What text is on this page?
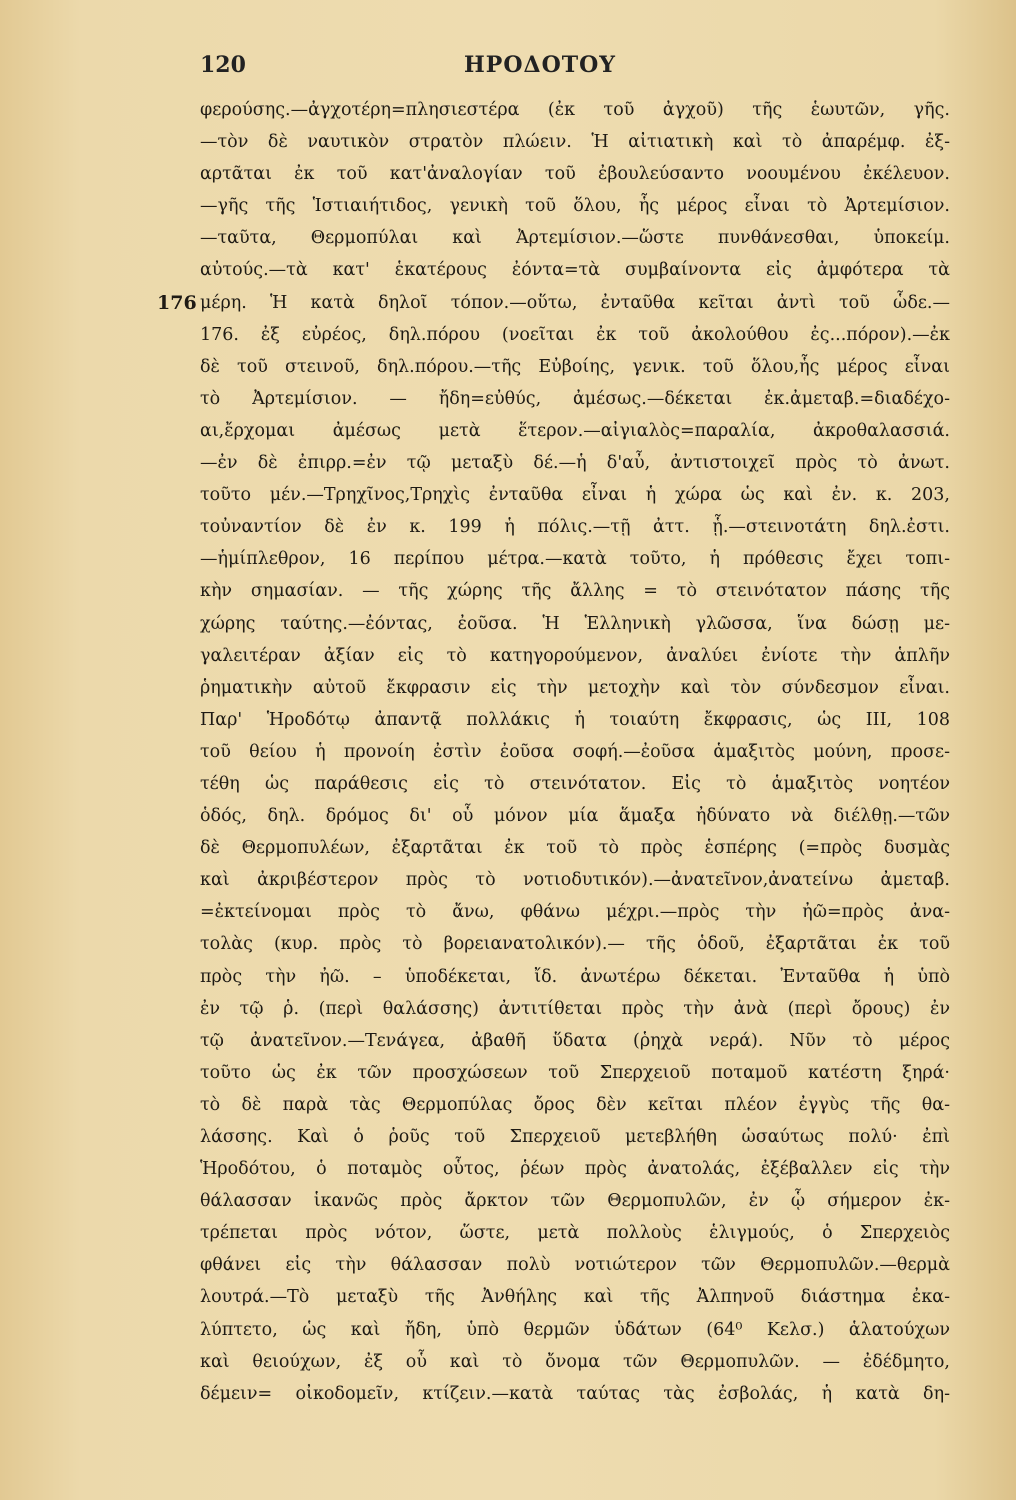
120	ΗΡΟΔΟΤΟΥ
φερούσης.—ἀγχοτέρη=πλησιεστέρα (ἐκ τοῦ ἀγχοῦ) τῆς ἑωυτῶν, γῆς.
—τὸν δὲ ναυτικὸν στρατὸν πλώειν. Ἡ αἰτιατικὴ καὶ τὸ ἀπαρέμφ. ἐξ-
αρτᾶται ἐκ τοῦ κατ'ἀναλογίαν τοῦ ἐβουλεύσαντο νοουμένου ἐκέλευον.
—γῆς τῆς Ἱστιαιήτιδος, γενικὴ τοῦ ὅλου, ἧς μέρος εἶναι τὸ Ἀρτεμίσιον.
—ταῦτα, Θερμοπύλαι καὶ Ἀρτεμίσιον.—ὥστε πυνθάνεσθαι, ὑποκείμ.
αὐτούς.—τὰ κατ' ἑκατέρους ἐόντα=τὰ συμβαίνοντα εἰς ἀμφότερα τὰ
176 μέρη. Ἡ κατὰ δηλοῖ τόπον.—οὕτω, ἐνταῦθα κεῖται ἀντὶ τοῦ ὧδε.—
176. ἐξ εὐρέος, δηλ.πόρου (νοεῖται ἐκ τοῦ ἀκολούθου ἐς...πόρον).—ἐκ
δὲ τοῦ στεινοῦ, δηλ.πόρου.—τῆς Εὐβοίης, γενικ. τοῦ ὅλου,ἧς μέρος εἶναι
τὸ Ἀρτεμίσιον. — ἤδη=εὐθύς, ἀμέσως.—δέκεται ἐκ.ἀμεταβ.=διαδέχο-
αι,ἔρχομαι ἀμέσως μετὰ ἕτερον.—αἰγιαλὸς=παραλία, ἀκροθαλασσιά.
—ἐν δὲ ἐπιρρ.=ἐν τῷ μεταξὺ δέ.—ἡ δ'αὖ, ἀντιστοιχεῖ πρὸς τὸ ἀνωτ.
τοῦτο μέν.—Τρηχῖνος,Τρηχὶς ἐνταῦθα εἶναι ἡ χώρα ὡς καὶ ἐν. κ. 203,
τοὐναντίον δὲ ἐν κ. 199 ἡ πόλις.—τῇ ἀττ. ᾗ.—στεινοτάτη δηλ.ἐστι.
—ἡμίπλεθρον, 16 περίπου μέτρα.—κατὰ τοῦτο, ἡ πρόθεσις ἔχει τοπι-
κὴν σημασίαν. — τῆς χώρης τῆς ἄλλης = τὸ στεινότατον πάσης τῆς
χώρης ταύτης.—ἐόντας, ἐοῦσα. Ἡ Ἑλληνικὴ γλῶσσα, ἵνα δώσῃ με-
γαλειτέραν ἀξίαν εἰς τὸ κατηγορούμενον, ἀναλύει ἐνίοτε τὴν ἁπλῆν
ῥηματικὴν αὐτοῦ ἔκφρασιν εἰς τὴν μετοχὴν καὶ τὸν σύνδεσμον εἶναι.
Παρ' Ἡροδότῳ ἀπαντᾷ πολλάκις ἡ τοιαύτη ἔκφρασις, ὡς ΙΙΙ, 108
τοῦ θείου ἡ προνοίη ἐστὶν ἐοῦσα σοφή.—ἐοῦσα ἁμαξιτὸς μούνη, προσε-
τέθη ὡς παράθεσις εἰς τὸ στεινότατον. Εἰς τὸ ἁμαξιτὸς νοητέον
ὁδός, δηλ. δρόμος δι' οὗ μόνον μία ἅμαξα ἠδύνατο νὰ διέλθῃ.—τῶν
δὲ Θερμοπυλέων, ἐξαρτᾶται ἐκ τοῦ τὸ πρὸς ἑσπέρης (=πρὸς δυσμὰς
καὶ ἀκριβέστερον πρὸς τὸ νοτιοδυτικόν).—ἀνατεῖνον,ἀνατείνω ἀμεταβ.
=ἐκτείνομαι πρὸς τὸ ἄνω, φθάνω μέχρι.—πρὸς τὴν ἠῶ=πρὸς ἀνα-
τολὰς (κυρ. πρὸς τὸ βορειανατολικόν).— τῆς ὁδοῦ, ἐξαρτᾶται ἐκ τοῦ
πρὸς τὴν ἠῶ. – ὑποδέκεται, ἴδ. ἀνωτέρω δέκεται. Ἐνταῦθα ἡ ὑπὸ
ἐν τῷ ῥ. (περὶ θαλάσσης) ἀντιτίθεται πρὸς τὴν ἀνὰ (περὶ ὄρους) ἐν
τῷ ἀνατεῖνον.—Τενάγεα, ἀβαθῆ ὕδατα (ῥηχὰ νερά). Νῦν τὸ μέρος
τοῦτο ὡς ἐκ τῶν προσχώσεων τοῦ Σπερχειοῦ ποταμοῦ κατέστη ξηρά·
τὸ δὲ παρὰ τὰς Θερμοπύλας ὄρος δὲν κεῖται πλέον ἐγγὺς τῆς θα-
λάσσης. Καὶ ὁ ῥοῦς τοῦ Σπερχειοῦ μετεβλήθη ὡσαύτως πολύ· ἐπὶ
Ἡροδότου, ὁ ποταμὸς οὗτος, ῥέων πρὸς ἀνατολάς, ἐξέβαλλεν εἰς τὴν
θάλασσαν ἱκανῶς πρὸς ἄρκτον τῶν Θερμοπυλῶν, ἐν ᾧ σήμερον ἐκ-
τρέπεται πρὸς νότον, ὥστε, μετὰ πολλοὺς ἑλιγμούς, ὁ Σπερχειὸς
φθάνει εἰς τὴν θάλασσαν πολὺ νοτιώτερον τῶν Θερμοπυλῶν.—θερμὰ
λουτρά.—Τὸ μεταξὺ τῆς Ἀνθήλης καὶ τῆς Ἀλπηνοῦ διάστημα ἐκα-
λύπτετο, ὡς καὶ ἤδη, ὑπὸ θερμῶν ὑδάτων (64⁰ Κελσ.) ἁλατούχων
καὶ θειούχων, ἐξ οὗ καὶ τὸ ὄνομα τῶν Θερμοπυλῶν. — ἐδέδμητο,
δέμειν= οἰκοδομεῖν, κτίζειν.—κατὰ ταύτας τὰς ἐσβολάς, ἡ κατὰ δη-
